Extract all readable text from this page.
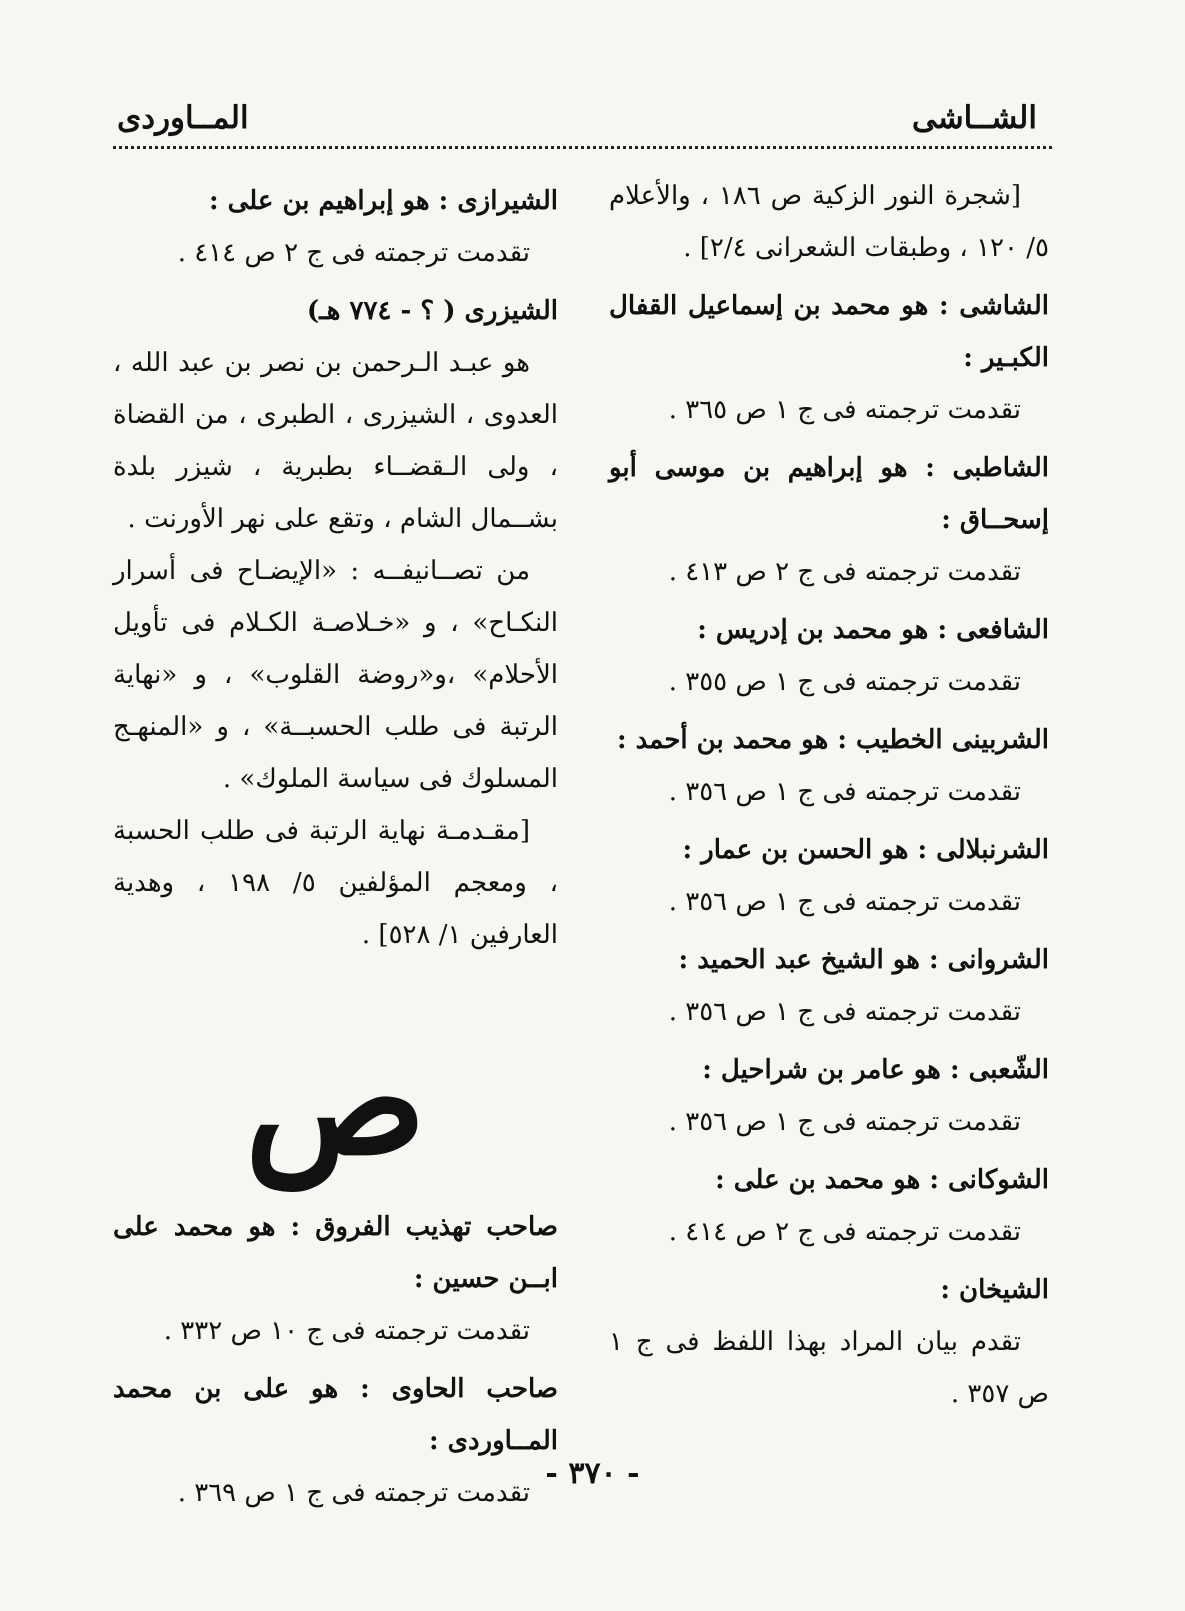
الشــاشى
المــاوردى

[شجرة النور الزكية ص ١٨٦ ، والأعلام ٥/ ١٢٠ ، وطبقات الشعرانى ٢/٤] .

الشاشى : هو محمد بن إسماعيل القفال الكبـير :

تقدمت ترجمته فى ج ١ ص ٣٦٥ .

الشاطبى : هو إبراهيم بن موسى أبو إسحــاق :

تقدمت ترجمته فى ج ٢ ص ٤١٣ .

الشافعى : هو محمد بن إدريس :

تقدمت ترجمته فى ج ١ ص ٣٥٥ .

الشربينى الخطيب : هو محمد بن أحمد :

تقدمت ترجمته فى ج ١ ص ٣٥٦ .

الشرنبلالى : هو الحسن بن عمار :

تقدمت ترجمته فى ج ١ ص ٣٥٦ .

الشروانى : هو الشيخ عبد الحميد :

تقدمت ترجمته فى ج ١ ص ٣٥٦ .

الشّعبى : هو عامر بن شراحيل :

تقدمت ترجمته فى ج ١ ص ٣٥٦ .

الشوكانى : هو محمد بن على :

تقدمت ترجمته فى ج ٢ ص ٤١٤ .

الشيخان :

تقدم بيان المراد بهذا اللفظ فى ج ١ ص ٣٥٧ .

الشيرازى : هو إبراهيم بن على :

تقدمت ترجمته فى ج ٢ ص ٤١٤ .

الشيزرى ( ؟ - ٧٧٤ هـ)

هو عبـد الـرحمن بن نصر بن عبد الله ، العدوى ، الشيزرى ، الطبرى ، من القضاة ، ولى الـقضــاء بطبرية ، شيزر بلدة بشــمال الشام ، وتقع على نهر الأورنت .

من تصــانيفــه : «الإيضـاح فى أسرار النكـاح» ، و «خـلاصـة الكـلام فى تأويل الأحلام» ،و«روضة القلوب» ، و «نهاية الرتبة فى طلب الحسبــة» ، و «المنهـج المسلوك فى سياسة الملوك» .

[مقـدمـة نهاية الرتبة فى طلب الحسبة ، ومعجم المؤلفين ٥/ ١٩٨ ، وهدية العارفين ١/ ٥٢٨] .

ص

صاحب تهذيب الفروق : هو محمد على ابــن حسين :

تقدمت ترجمته فى ج ١٠ ص ٣٣٢ .

صاحب الحاوى : هو على بن محمد المــاوردى :

تقدمت ترجمته فى ج ١ ص ٣٦٩ .

- ٣٧٠ -
